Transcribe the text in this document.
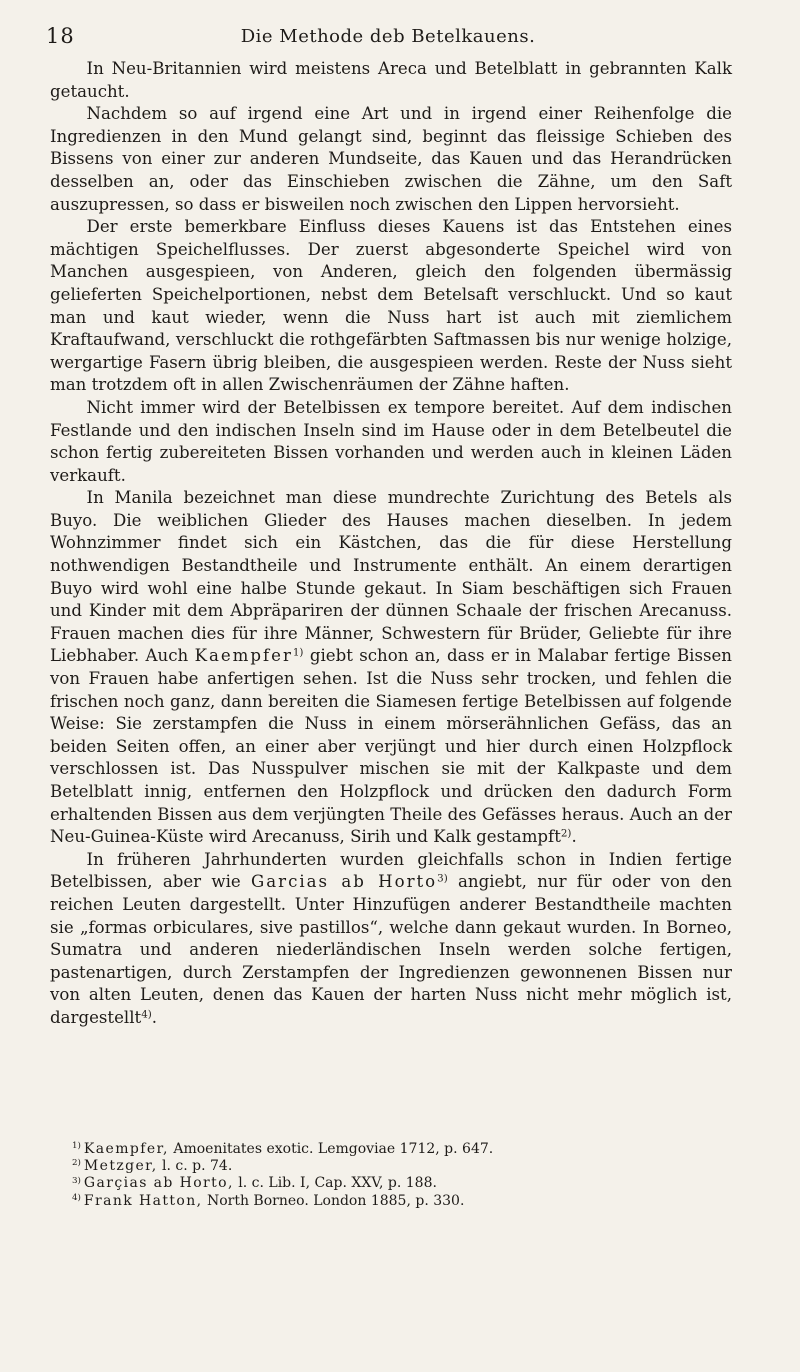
18	Die Methode deb Betelkauens.

In Neu-Britannien wird meistens Areca und Betelblatt in gebrannten Kalk getaucht.

Nachdem so auf irgend eine Art und in irgend einer Reihenfolge die Ingredienzen in den Mund gelangt sind, beginnt das fleissige Schieben des Bissens von einer zur anderen Mundseite, das Kauen und das Herandrücken desselben an, oder das Einschieben zwischen die Zähne, um den Saft auszupressen, so dass er bisweilen noch zwischen den Lippen hervorsieht.

Der erste bemerkbare Einfluss dieses Kauens ist das Entstehen eines mächtigen Speichelflusses. Der zuerst abgesonderte Speichel wird von Manchen ausgespieen, von Anderen, gleich den folgenden übermässig gelieferten Speichelportionen, nebst dem Betelsaft verschluckt. Und so kaut man und kaut wieder, wenn die Nuss hart ist auch mit ziemlichem Kraftaufwand, verschluckt die rothgefärbten Saftmassen bis nur wenige holzige, wergartige Fasern übrig bleiben, die ausgespieen werden. Reste der Nuss sieht man trotzdem oft in allen Zwischenräumen der Zähne haften.

Nicht immer wird der Betelbissen ex tempore bereitet. Auf dem indischen Festlande und den indischen Inseln sind im Hause oder in dem Betelbeutel die schon fertig zubereiteten Bissen vorhanden und werden auch in kleinen Läden verkauft.

In Manila bezeichnet man diese mundrechte Zurichtung des Betels als Buyo. Die weiblichen Glieder des Hauses machen dieselben. In jedem Wohnzimmer findet sich ein Kästchen, das die für diese Herstellung nothwendigen Bestandtheile und Instrumente enthält. An einem derartigen Buyo wird wohl eine halbe Stunde gekaut. In Siam beschäftigen sich Frauen und Kinder mit dem Abpräpariren der dünnen Schaale der frischen Arecanuss. Frauen machen dies für ihre Männer, Schwestern für Brüder, Geliebte für ihre Liebhaber. Auch Kaempfer$^{1)}$ giebt schon an, dass er in Malabar fertige Bissen von Frauen habe anfertigen sehen. Ist die Nuss sehr trocken, und fehlen die frischen noch ganz, dann bereiten die Siamesen fertige Betelbissen auf folgende Weise: Sie zerstampfen die Nuss in einem mörserähnlichen Gefäss, das an beiden Seiten offen, an einer aber verjüngt und hier durch einen Holzpflock verschlossen ist. Das Nusspulver mischen sie mit der Kalkpaste und dem Betelblatt innig, entfernen den Holzpflock und drücken den dadurch Form erhaltenden Bissen aus dem verjüngten Theile des Gefässes heraus. Auch an der Neu-Guinea-Küste wird Arecanuss, Sirih und Kalk gestampft$^{2)}$.

In früheren Jahrhunderten wurden gleichfalls schon in Indien fertige Betelbissen, aber wie Garcias ab Horto$^{3)}$ angiebt, nur für oder von den reichen Leuten dargestellt. Unter Hinzufügen anderer Bestandtheile machten sie „formas orbiculares, sive pastillos“, welche dann gekaut wurden. In Borneo, Sumatra und anderen niederländischen Inseln werden solche fertigen, pastenartigen, durch Zerstampfen der Ingredienzen gewonnenen Bissen nur von alten Leuten, denen das Kauen der harten Nuss nicht mehr möglich ist, dargestellt$^{4)}$.

$^{1)}$ Kaempfer, Amoenitates exotic. Lemgoviae 1712, p. 647.

$^{2)}$ Metzger, l. c. p. 74.

$^{3)}$ Garçias ab Horto, l. c. Lib. I, Cap. XXV, p. 188.

$^{4)}$ Frank Hatton, North Borneo. London 1885, p. 330.
